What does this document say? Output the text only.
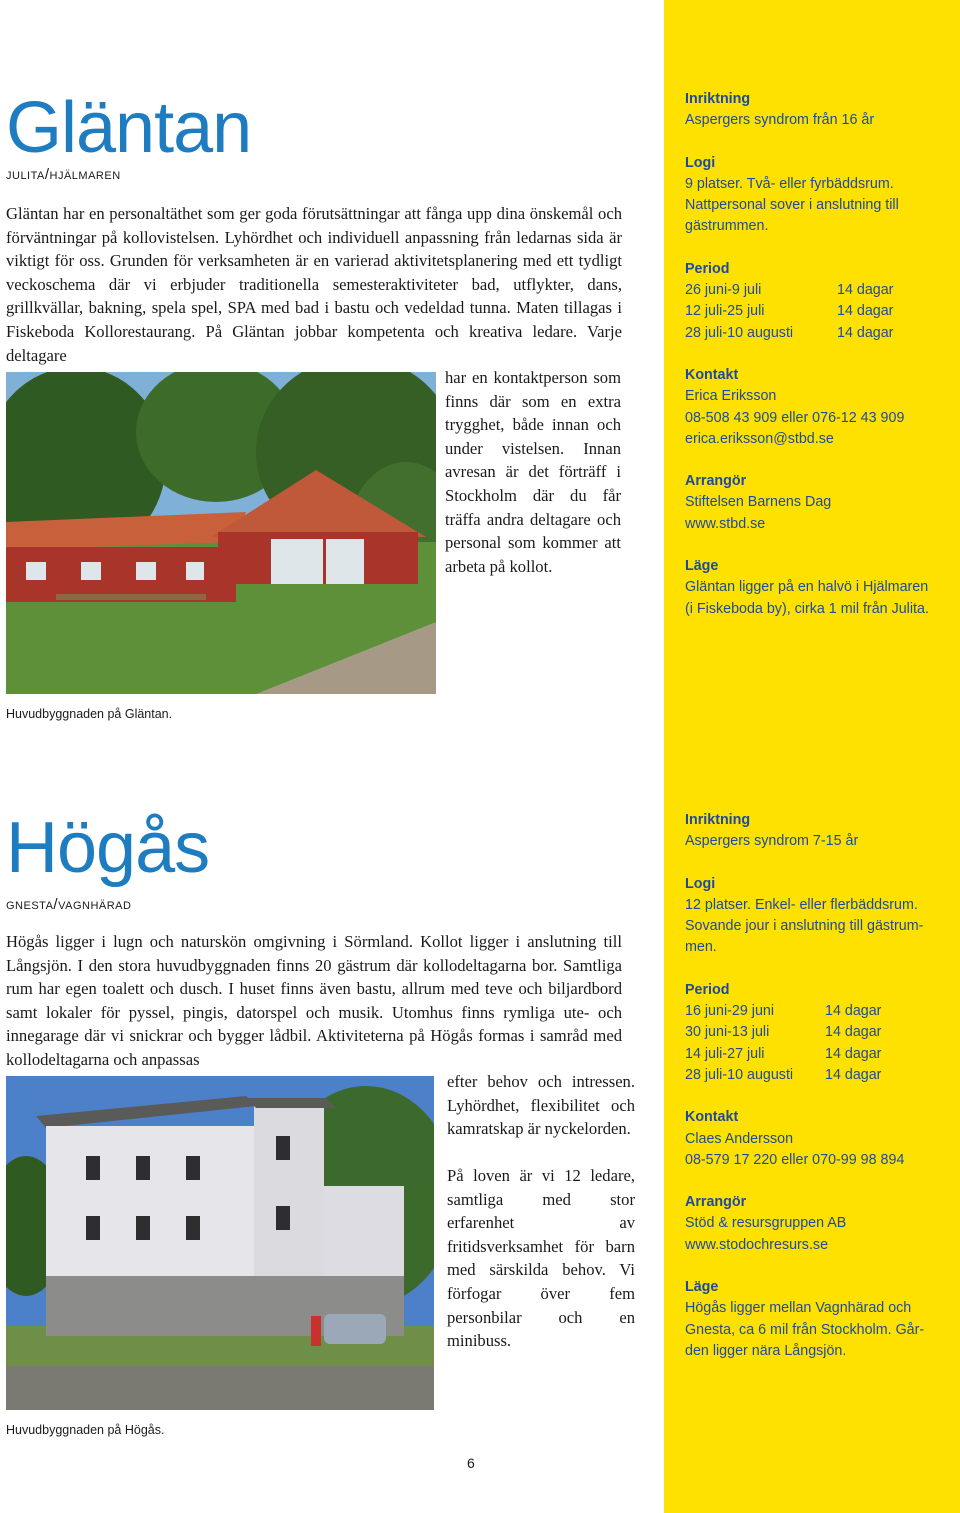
Gläntan
julita/hjälmaren

Gläntan har en personaltäthet som ger goda förutsättningar att fånga upp dina önskemål och förväntningar på kollovistelsen. Lyhördhet och individuell anpassning från ledarnas sida är viktigt för oss. Grunden för verksamheten är en varierad aktivitetsplanering med ett tydligt veckoschema där vi erbjuder traditionella semesteraktiviteter bad, utflykter, dans, grillkvällar, bakning, spela spel, SPA med bad i bastu och vedeldad tunna. Maten tillagas i Fiskeboda Kollorestaurang. På Gläntan jobbar kompetenta och kreativa ledare. Varje deltagare

har en kontaktperson som finns där som en extra trygghet, både innan och under vistelsen. Innan avresan är det förträff i Stockholm där du får träffa andra deltagare och personal som kommer att arbeta på kollot.

Huvudbyggnaden på Gläntan.
Inriktning
Aspergers syndrom från 16 år
Logi
9 platser. Två- eller fyrbäddsrum.
Nattpersonal sover i anslutning till
gästrummen.
Period
26 juni-9 juli	14 dagar
12 juli-25 juli	14 dagar
28 juli-10 augusti	14 dagar
Kontakt
Erica Eriksson
08-508 43 909 eller 076-12 43 909
erica.eriksson@stbd.se
Arrangör
Stiftelsen Barnens Dag
www.stbd.se
Läge
Gläntan ligger på en halvö i Hjälmaren
(i Fiskeboda by), cirka 1 mil från Julita.
Högås
gnesta/vagnhärad

Högås ligger i lugn och naturskön omgivning i Sörmland. Kollot ligger i anslutning till Långsjön. I den stora huvudbyggnaden finns 20 gästrum där kollodeltagarna bor. Samtliga rum har egen toalett och dusch. I huset finns även bastu, allrum med teve och biljardbord samt lokaler för pyssel, pingis, datorspel och musik. Utomhus finns rymliga ute- och innegarage där vi snickrar och bygger lådbil. Aktiviteterna på Högås formas i samråd med kollodeltagarna och anpassas

efter behov och intressen. Lyhördhet, flexibilitet och kamratskap är nyckelorden.

På loven är vi 12 ledare, samtliga med stor erfarenhet av fritidsverksamhet för barn med särskilda behov. Vi förfogar över fem personbilar och en minibuss.

Huvudbyggnaden på Högås.
Inriktning
Aspergers syndrom 7-15 år
Logi
12 platser. Enkel- eller flerbäddsrum.
Sovande jour i anslutning till gästrum-
men.
Period
16 juni-29 juni	14 dagar
30 juni-13 juli	14 dagar
14 juli-27 juli	14 dagar
28 juli-10 augusti	14 dagar
Kontakt
Claes Andersson
08-579 17 220 eller 070-99 98 894
Arrangör
Stöd & resursgruppen AB
www.stodochresurs.se
Läge
Högås ligger mellan Vagnhärad och
Gnesta, ca 6 mil från Stockholm. Går-
den ligger nära Långsjön.
6
